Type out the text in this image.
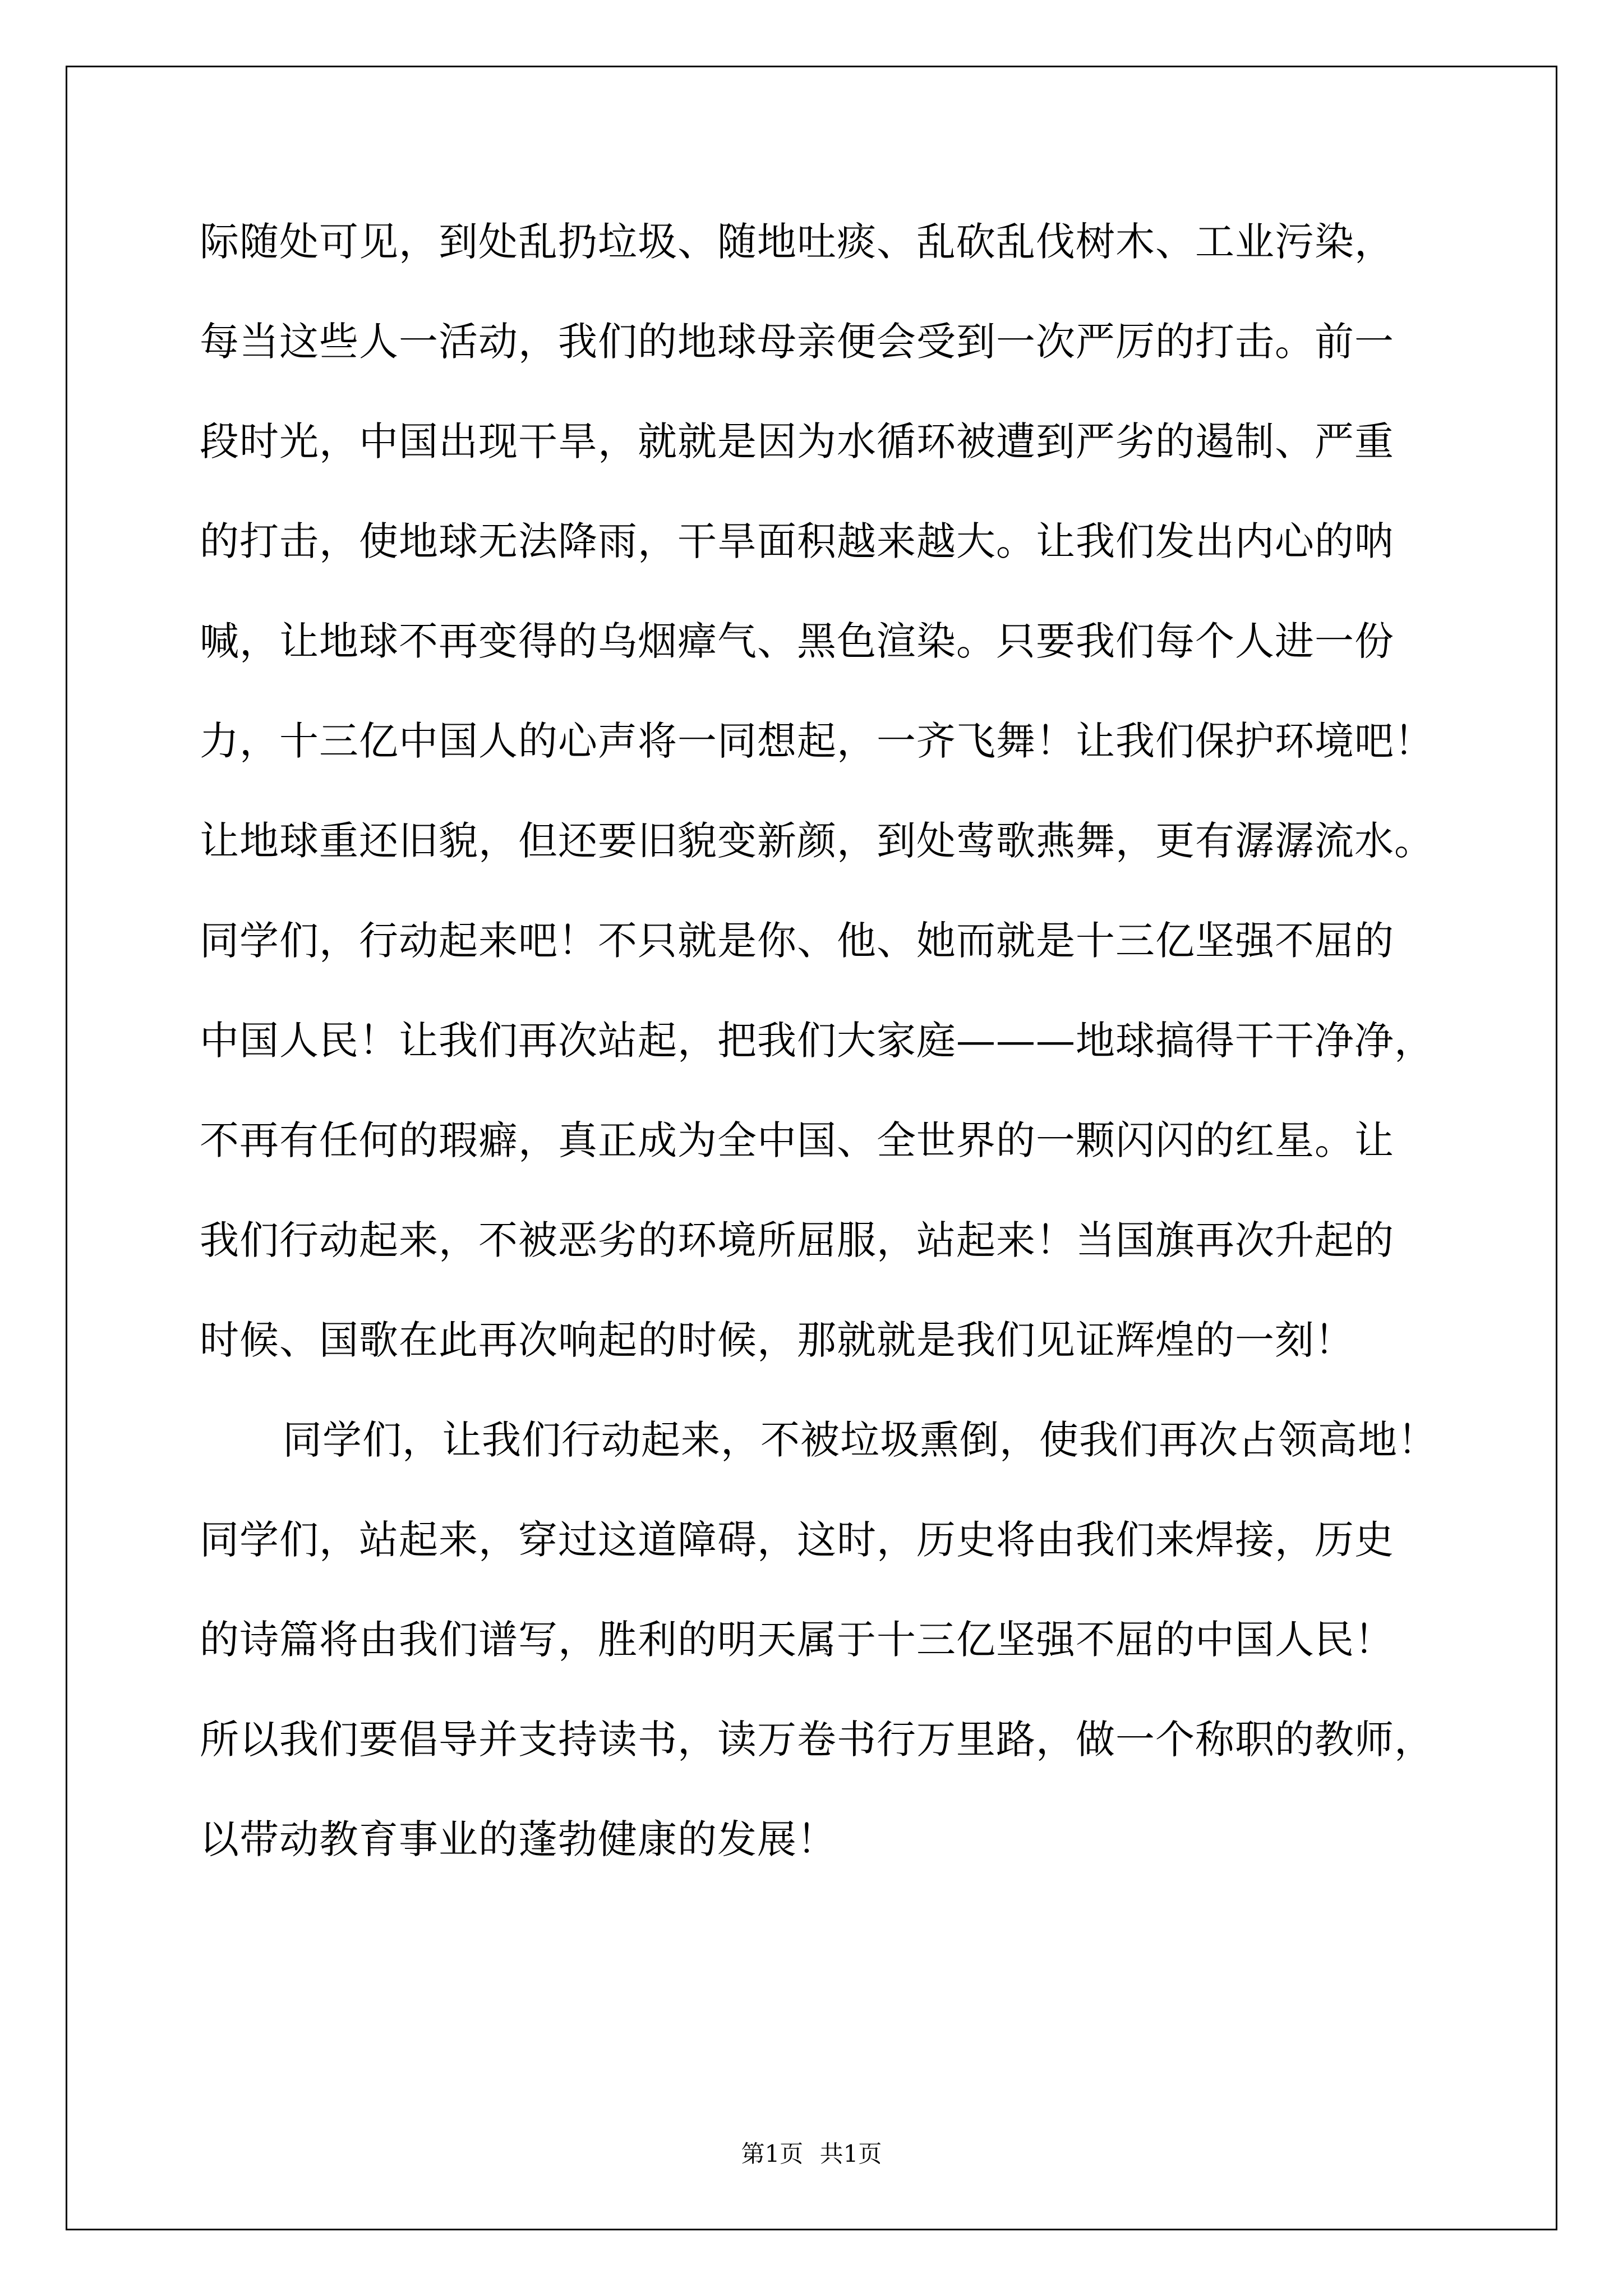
际随处可见，到处乱扔垃圾、随地吐痰、乱砍乱伐树木、工业污染，
每当这些人一活动，我们的地球母亲便会受到一次严厉的打击。前一
段时光，中国出现干旱，就就是因为水循环被遭到严劣的遏制、严重
的打击，使地球无法降雨，干旱面积越来越大。让我们发出内心的呐
喊，让地球不再变得的乌烟瘴气、黑色渲染。只要我们每个人进一份
力，十三亿中国人的心声将一同想起，一齐飞舞！让我们保护环境吧！
让地球重还旧貌，但还要旧貌变新颜，到处莺歌燕舞，更有潺潺流水。
同学们，行动起来吧！不只就是你、他、她而就是十三亿坚强不屈的
中国人民！让我们再次站起，把我们大家庭———地球搞得干干净净，
不再有任何的瑕癖，真正成为全中国、全世界的一颗闪闪的红星。让
我们行动起来，不被恶劣的环境所屈服，站起来！当国旗再次升起的
时候、国歌在此再次响起的时候，那就就是我们见证辉煌的一刻！
同学们，让我们行动起来，不被垃圾熏倒，使我们再次占领高地！
同学们，站起来，穿过这道障碍，这时，历史将由我们来焊接，历史
的诗篇将由我们谱写，胜利的明天属于十三亿坚强不屈的中国人民！
所以我们要倡导并支持读书，读万卷书行万里路，做一个称职的教师，
以带动教育事业的蓬勃健康的发展！
第1页 共1页
